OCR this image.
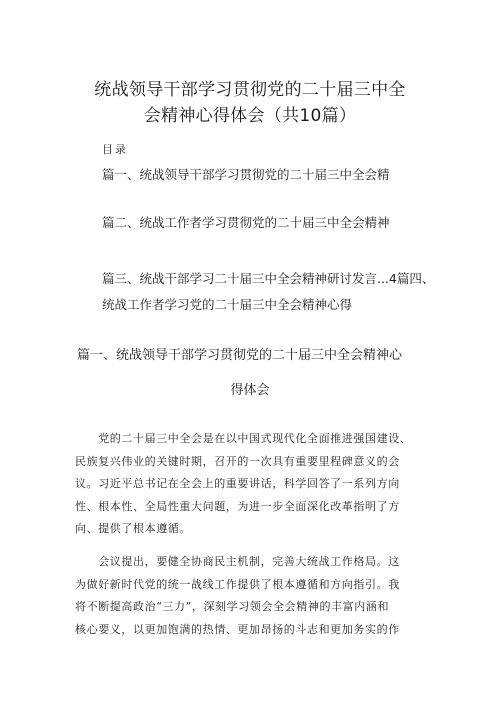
统战领导干部学习贯彻党的二十届三中全
会精神心得体会（共10篇）
目录
篇一、统战领导干部学习贯彻党的二十届三中全会精
篇二、统战工作者学习贯彻党的二十届三中全会精神
篇三、统战干部学习二十届三中全会精神研讨发言...4篇四、
统战工作者学习党的二十届三中全会精神心得
篇一、统战领导干部学习贯彻党的二十届三中全会精神心
得体会
　　党的二十届三中全会是在以中国式现代化全面推进强国建设、
民族复兴伟业的关键时期，召开的一次具有重要里程碑意义的会
议。习近平总书记在全会上的重要讲话，科学回答了一系列方向
性、根本性、全局性重大问题，为进一步全面深化改革指明了方
向、提供了根本遵循。
　　会议提出，要健全协商民主机制，完善大统战工作格局。这
为做好新时代党的统一战线工作提供了根本遵循和方向指引。我
将不断提高政治“三力”，深刻学习领会全会精神的丰富内涵和
核心要义，以更加饱满的热情、更加昂扬的斗志和更加务实的作
